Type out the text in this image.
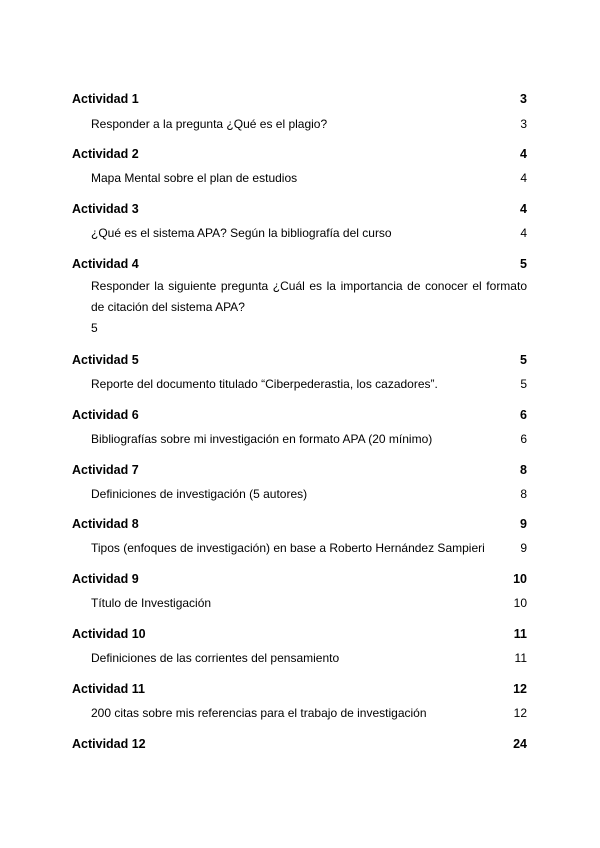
Actividad 1	3
Responder a la pregunta ¿Qué es el plagio?	3
Actividad 2	4
Mapa Mental sobre el plan de estudios	4
Actividad 3	4
¿Qué es el sistema APA? Según la bibliografía del curso	4
Actividad 4	5
Responder la siguiente pregunta ¿Cuál es la importancia de conocer el formato de citación del sistema APA?
5
Actividad 5	5
Reporte del documento titulado “Ciberpederastia, los cazadores”.	5
Actividad 6	6
Bibliografías sobre mi investigación en formato APA (20 mínimo)	6
Actividad 7	8
Definiciones de investigación (5 autores)	8
Actividad 8	9
Tipos (enfoques de investigación) en base a Roberto Hernández Sampieri	9
Actividad 9	10
Título de Investigación	10
Actividad 10	11
Definiciones de las corrientes del pensamiento	11
Actividad 11	12
200 citas sobre mis referencias para el trabajo de investigación	12
Actividad 12	24
